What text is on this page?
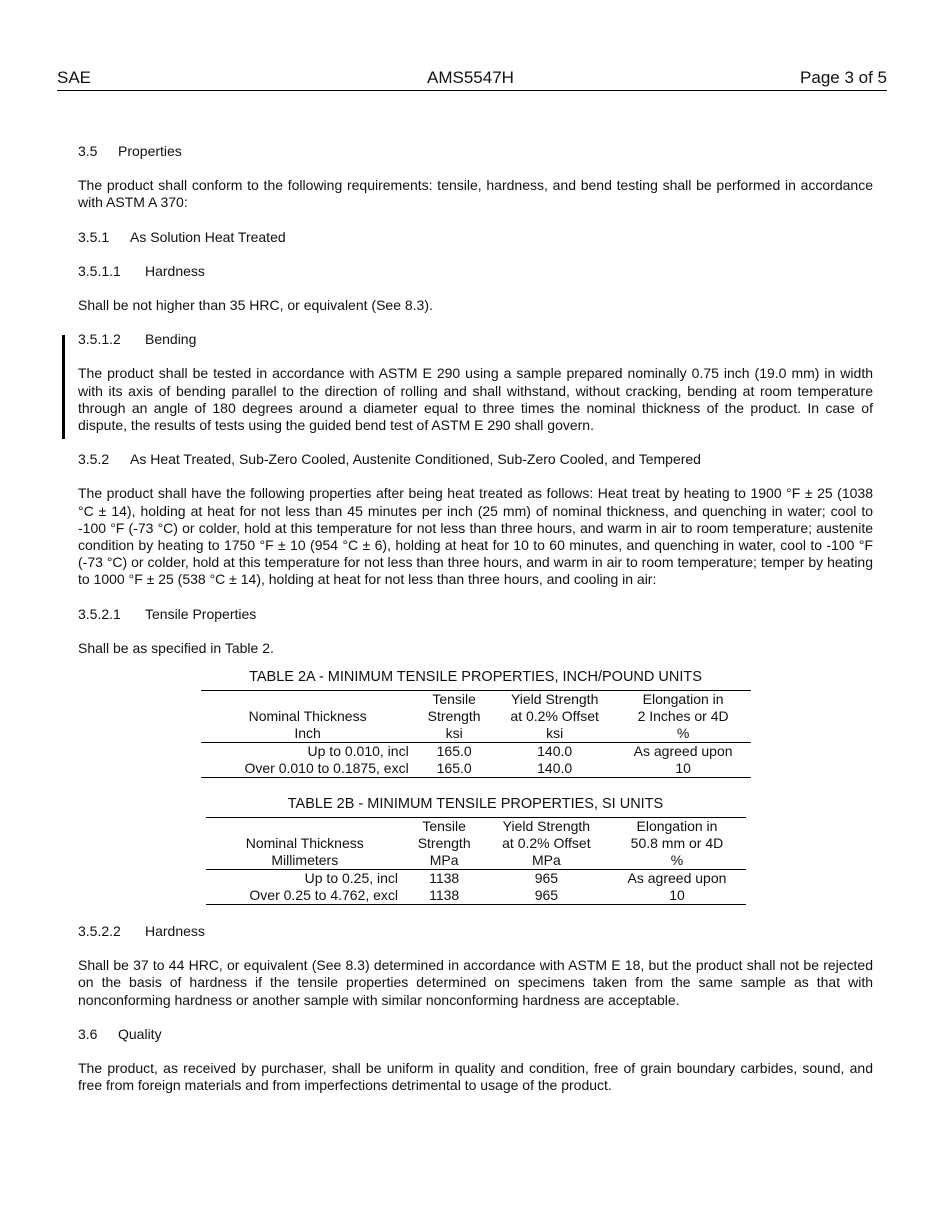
SAE	AMS5547H	Page 3 of 5
3.5 Properties
The product shall conform to the following requirements: tensile, hardness, and bend testing shall be performed in accordance with ASTM A 370:
3.5.1 As Solution Heat Treated
3.5.1.1 Hardness
Shall be not higher than 35 HRC, or equivalent (See 8.3).
3.5.1.2 Bending
The product shall be tested in accordance with ASTM E 290 using a sample prepared nominally 0.75 inch (19.0 mm) in width with its axis of bending parallel to the direction of rolling and shall withstand, without cracking, bending at room temperature through an angle of 180 degrees around a diameter equal to three times the nominal thickness of the product. In case of dispute, the results of tests using the guided bend test of ASTM E 290 shall govern.
3.5.2 As Heat Treated, Sub-Zero Cooled, Austenite Conditioned, Sub-Zero Cooled, and Tempered
The product shall have the following properties after being heat treated as follows: Heat treat by heating to 1900 °F ± 25 (1038 °C ± 14), holding at heat for not less than 45 minutes per inch (25 mm) of nominal thickness, and quenching in water; cool to -100 °F (-73 °C) or colder, hold at this temperature for not less than three hours, and warm in air to room temperature; austenite condition by heating to 1750 °F ± 10 (954 °C ± 6), holding at heat for 10 to 60 minutes, and quenching in water, cool to -100 °F (-73 °C) or colder, hold at this temperature for not less than three hours, and warm in air to room temperature; temper by heating to 1000 °F ± 25 (538 °C ± 14), holding at heat for not less than three hours, and cooling in air:
3.5.2.1 Tensile Properties
Shall be as specified in Table 2.
TABLE 2A - MINIMUM TENSILE PROPERTIES, INCH/POUND UNITS
	Tensile	Yield Strength	Elongation in
Nominal Thickness	Strength	at 0.2% Offset	2 Inches or 4D
Inch	ksi	ksi	%
Up to 0.010, incl	165.0	140.0	As agreed upon
Over 0.010 to 0.1875, excl	165.0	140.0	10
TABLE 2B - MINIMUM TENSILE PROPERTIES, SI UNITS
	Tensile	Yield Strength	Elongation in
Nominal Thickness	Strength	at 0.2% Offset	50.8 mm or 4D
Millimeters	MPa	MPa	%
Up to 0.25, incl	1138	965	As agreed upon
Over 0.25 to 4.762, excl	1138	965	10
3.5.2.2 Hardness
Shall be 37 to 44 HRC, or equivalent (See 8.3) determined in accordance with ASTM E 18, but the product shall not be rejected on the basis of hardness if the tensile properties determined on specimens taken from the same sample as that with nonconforming hardness or another sample with similar nonconforming hardness are acceptable.
3.6 Quality
The product, as received by purchaser, shall be uniform in quality and condition, free of grain boundary carbides, sound, and free from foreign materials and from imperfections detrimental to usage of the product.
